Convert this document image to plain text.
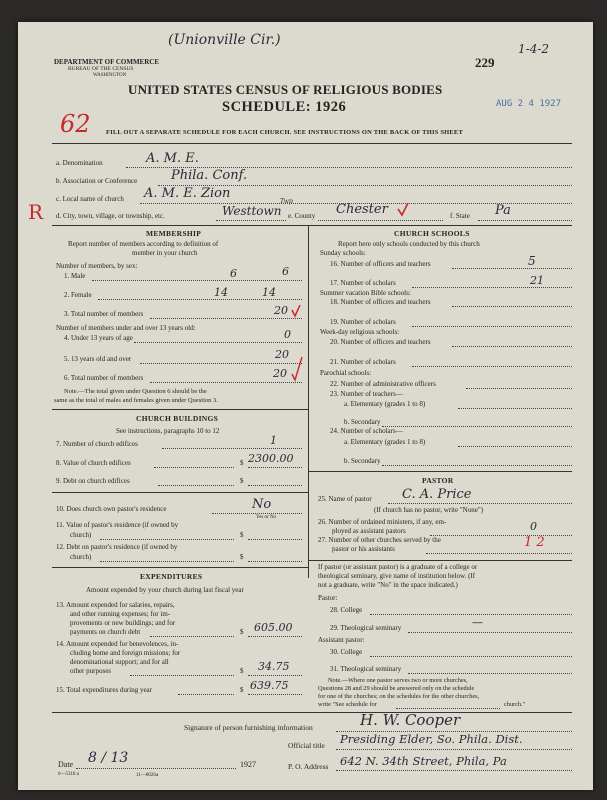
DEPARTMENT OF COMMERCE
BUREAU OF THE CENSUS
WASHINGTON
(Unionville Cir.)
229
1-4-2
UNITED STATES CENSUS OF RELIGIOUS BODIES
SCHEDULE: 1926	AUG 2 4 1927
62 FILL OUT A SEPARATE SCHEDULE FOR EACH CHURCH. SEE INSTRUCTIONS ON THE BACK OF THIS SHEET
R
a. Denomination	A. M. E.
b. Association or Conference	Phila. Conf.
c. Local name of church A. M. E. Zion
d. City, town, village, or township, etc.	Westtown
Twp
e. County Chester	f. State Pa
MEMBERSHIP
Report number of members according to definition of
member in your church
Number of members, by sex:
1. Male	6	6
2. Female	14	14
3. Total number of members	20
Number of members under and over 13 years old:
4. Under 13 years of age	0
5. 13 years old and over	20
6. Total number of members	20
Note.—The total given under Question 6 should be the
same as the total of males and females given under Question 3.
CHURCH BUILDINGS
See instructions, paragraphs 10 to 12
7. Number of church edifices	1
8. Value of church edifices	$ 2300.00
9. Debt on church edifices	$
10. Does church own pastor's residence	No
Yes or No
11. Value of pastor's residence (if owned by
church)	$
12. Debt on pastor's residence (if owned by
church)	$
EXPENDITURES
Amount expended by your church during last fiscal year
13. Amount expended for salaries, repairs,
and other running expenses; for im-
provements or new buildings; and for
payments on church debt	$ 605.00
14. Amount expended for benevolences, in-
cluding home and foreign missions; for
denominational support; and for all
other purposes	$ 34.75
15. Total expenditures during year	$ 639.75
CHURCH SCHOOLS
Report here only schools conducted by this church
Sunday schools:
16. Number of officers and teachers	5
17. Number of scholars	21
Summer vacation Bible schools:
18. Number of officers and teachers
19. Number of scholars
Week-day religious schools:
20. Number of officers and teachers
21. Number of scholars
Parochial schools:
22. Number of administrative officers
23. Number of teachers—
a. Elementary (grades 1 to 8)
b. Secondary
24. Number of scholars—
a. Elementary (grades 1 to 8)
b. Secondary
PASTOR
25. Name of pastor C. A. Price
(If church has no pastor, write "None")
26. Number of ordained ministers, if any, em-
ployed as assistant pastors	0
27. Number of other churches served by the
pastor or his assistants	1 2
If pastor (or assistant pastor) is a graduate of a college or
theological seminary, give name of institution below. (If
not a graduate, write "No" in the space indicated.)
Pastor:
28. College
29. Theological seminary	—
Assistant pastor:
30. College
31. Theological seminary
Note.—Where one pastor serves two or more churches,
Questions 28 and 29 should be answered only on the schedule
for one of the churches; on the schedules for the other churches,
write "See schedule for	church."
Signature of person furnishing information	H. W. Cooper
Official title Presiding Elder, So. Phila. Dist.
Date 8 / 13	1927	P. O. Address 642 N. 34th Street, Phila, Pa
6—5318 a	11—8026a
